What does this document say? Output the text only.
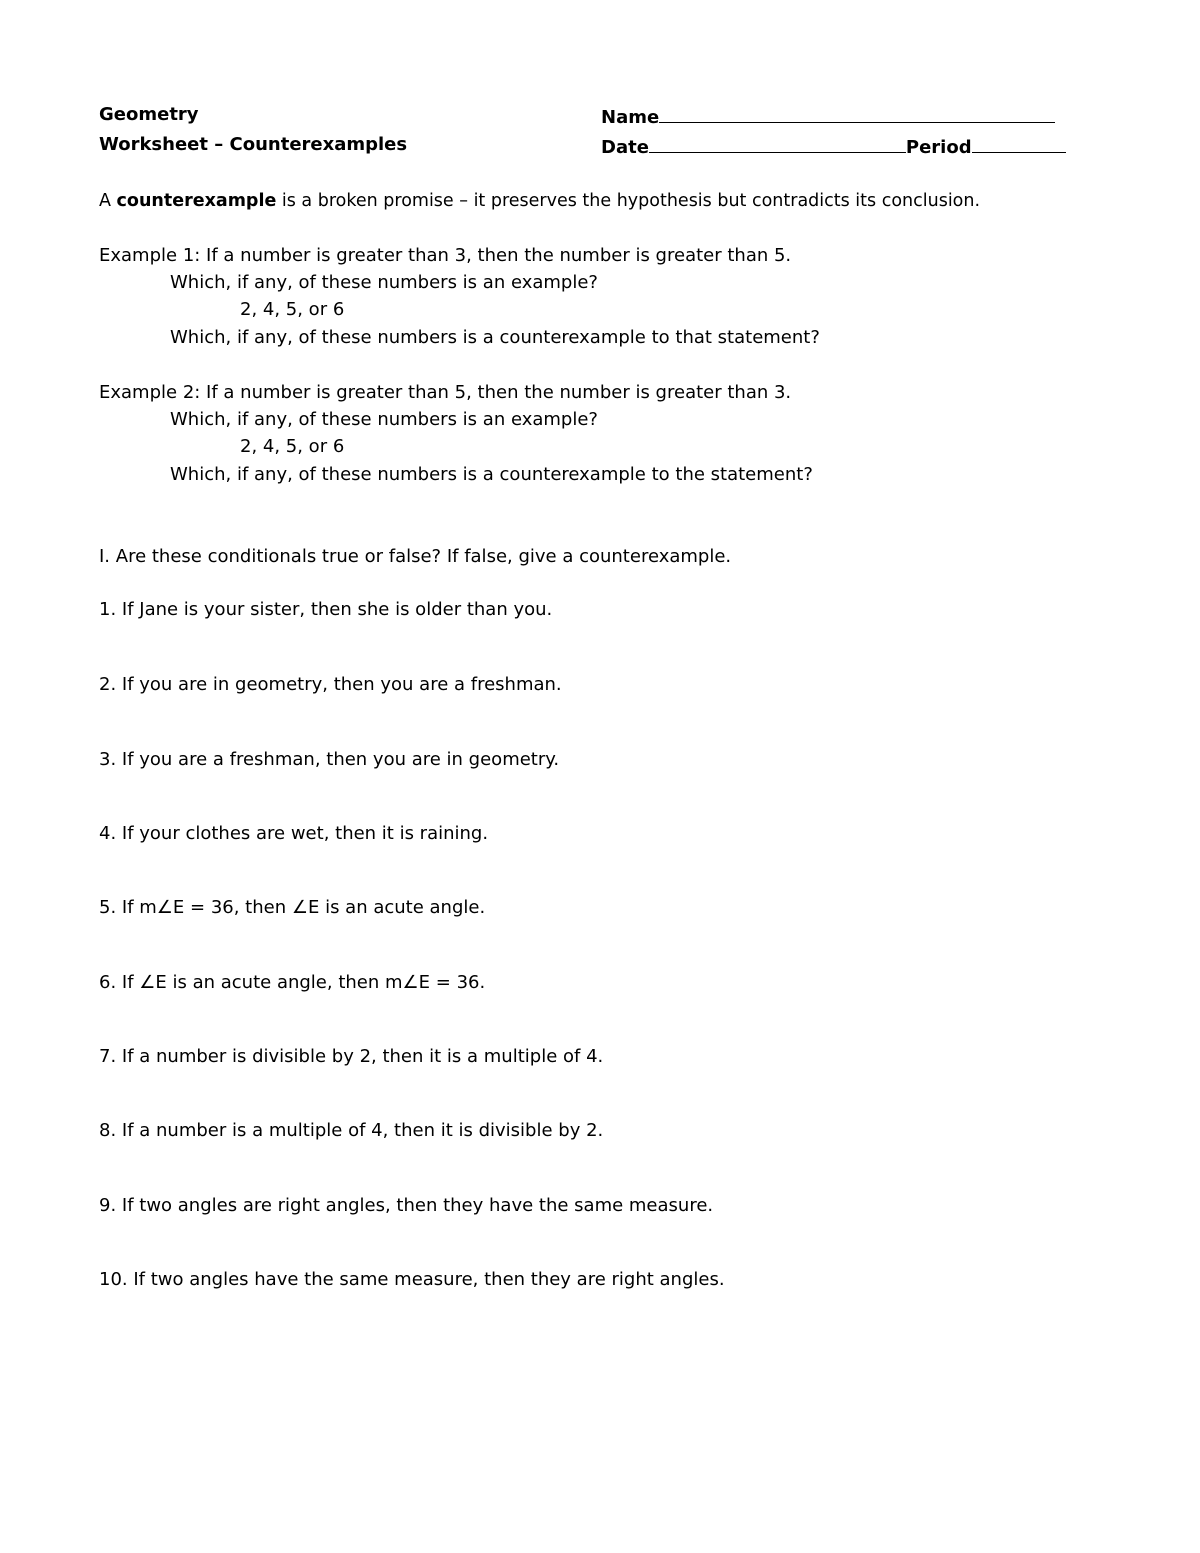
Geometry
Worksheet – Counterexamples
Name
Date	Period
A counterexample is a broken promise – it preserves the hypothesis but contradicts its conclusion.
Example 1: If a number is greater than 3, then the number is greater than 5.
Which, if any, of these numbers is an example?
2, 4, 5, or 6
Which, if any, of these numbers is a counterexample to that statement?
Example 2: If a number is greater than 5, then the number is greater than 3.
Which, if any, of these numbers is an example?
2, 4, 5, or 6
Which, if any, of these numbers is a counterexample to the statement?
I. Are these conditionals true or false? If false, give a counterexample.
1. If Jane is your sister, then she is older than you.
2. If you are in geometry, then you are a freshman.
3. If you are a freshman, then you are in geometry.
4. If your clothes are wet, then it is raining.
5. If m∠E = 36, then ∠E is an acute angle.
6. If ∠E is an acute angle, then m∠E = 36.
7. If a number is divisible by 2, then it is a multiple of 4.
8. If a number is a multiple of 4, then it is divisible by 2.
9. If two angles are right angles, then they have the same measure.
10. If two angles have the same measure, then they are right angles.
